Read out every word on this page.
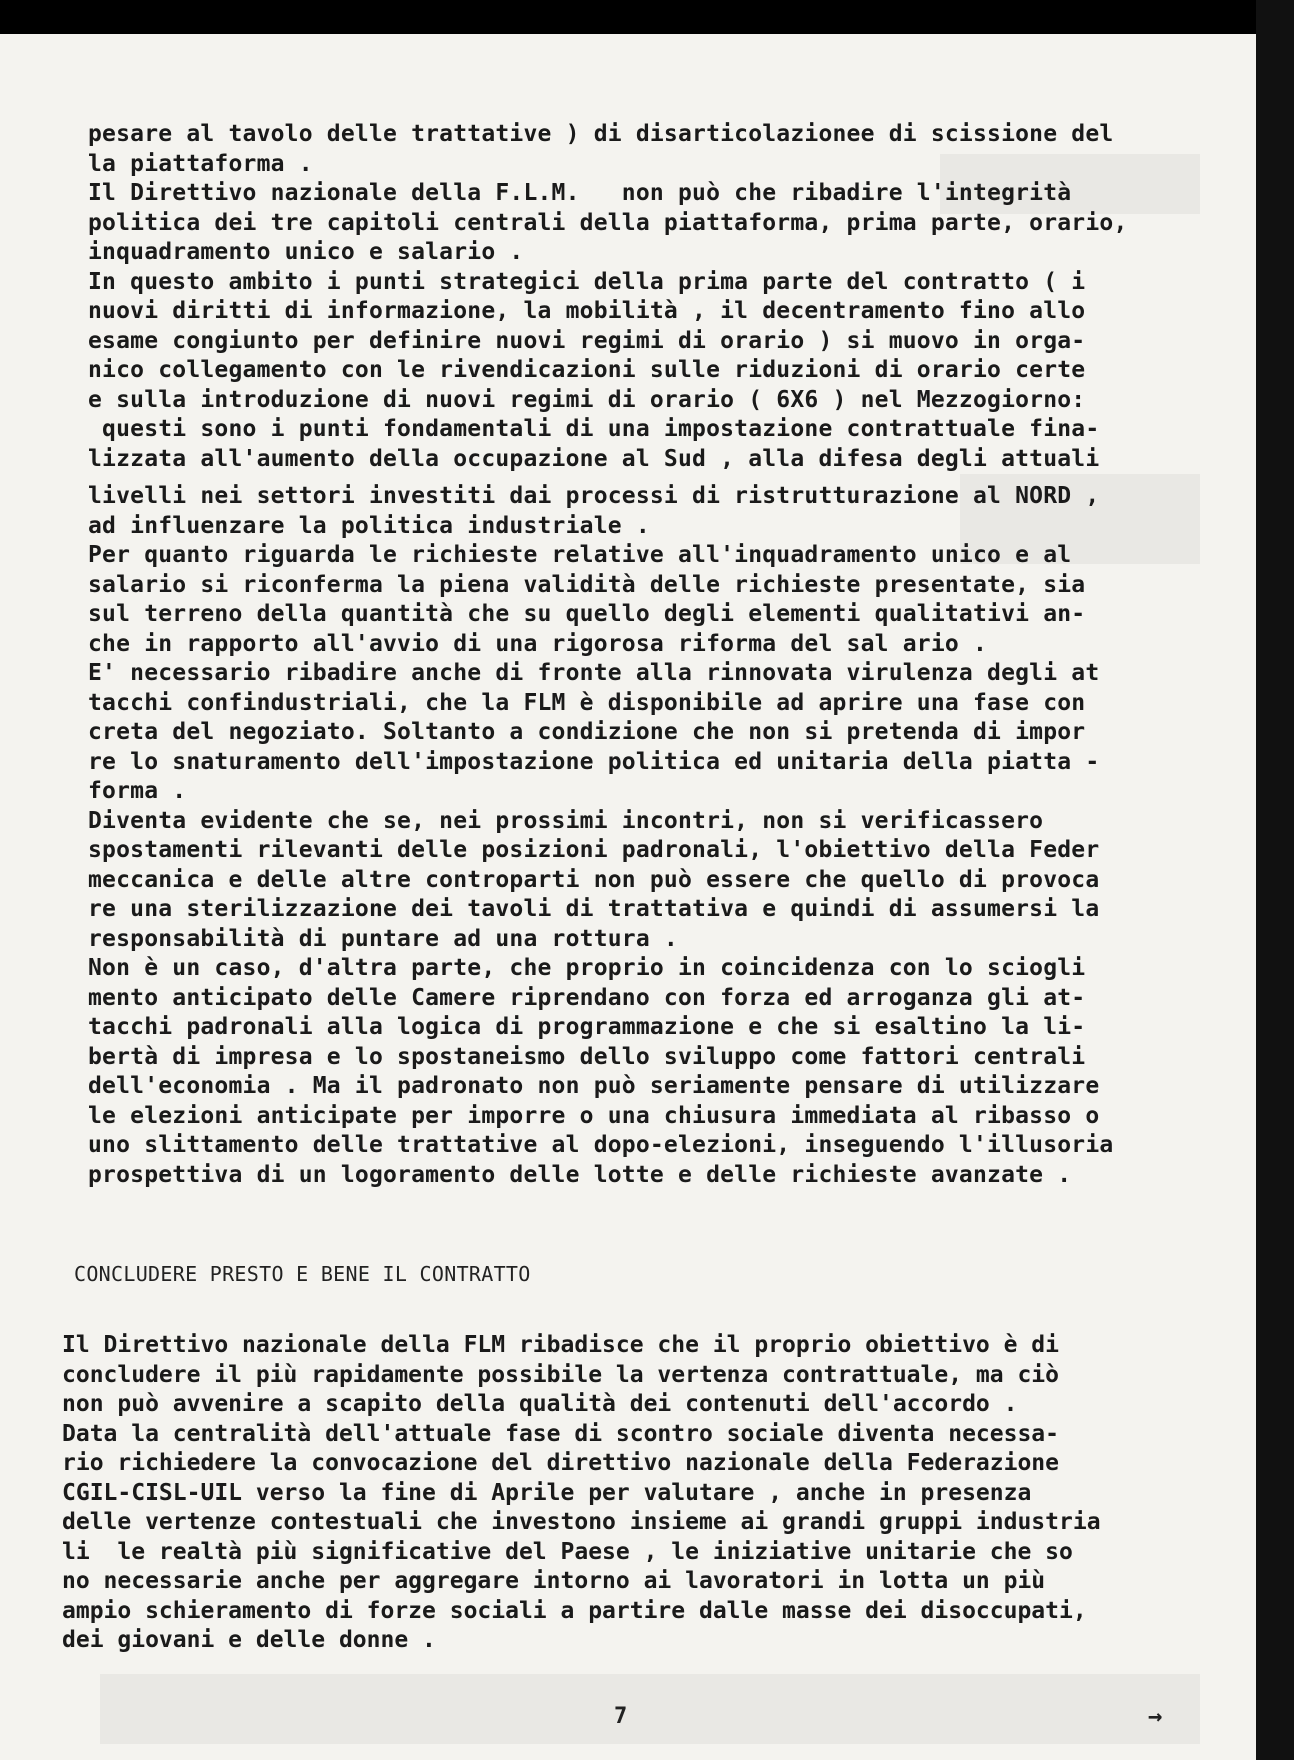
pesare al tavolo delle trattative ) di disarticolazionee di scissione del
la piattaforma .
Il Direttivo nazionale della F.L.M.   non può che ribadire l'integrità
politica dei tre capitoli centrali della piattaforma, prima parte, orario,
inquadramento unico e salario .
In questo ambito i punti strategici della prima parte del contratto ( i
nuovi diritti di informazione, la mobilità , il decentramento fino allo
esame congiunto per definire nuovi regimi di orario ) si muovo in orga-
nico collegamento con le rivendicazioni sulle riduzioni di orario certe
e sulla introduzione di nuovi regimi di orario ( 6X6 ) nel Mezzogiorno:
questi sono i punti fondamentali di una impostazione contrattuale fina-
lizzata all'aumento della occupazione al Sud , alla difesa degli attuali
livelli nei settori investiti dai processi di ristrutturazione al NORD ,
ad influenzare la politica industriale .
Per quanto riguarda le richieste relative all'inquadramento unico e al
salario si riconferma la piena validità delle richieste presentate, sia
sul terreno della quantità che su quello degli elementi qualitativi an-
che in rapporto all'avvio di una rigorosa riforma del sal ario .
E' necessario ribadire anche di fronte alla rinnovata virulenza degli at
tacchi confindustriali, che la FLM è disponibile ad aprire una fase con
creta del negoziato. Soltanto a condizione che non si pretenda di impor
re lo snaturamento dell'impostazione politica ed unitaria della piatta -
forma .
Diventa evidente che se, nei prossimi incontri, non si verificassero
spostamenti rilevanti delle posizioni padronali, l'obiettivo della Feder
meccanica e delle altre controparti non può essere che quello di provoca
re una sterilizzazione dei tavoli di trattativa e quindi di assumersi la
responsabilità di puntare ad una rottura .
Non è un caso, d'altra parte, che proprio in coincidenza con lo sciogli
mento anticipato delle Camere riprendano con forza ed arroganza gli at-
tacchi padronali alla logica di programmazione e che si esaltino la li-
bertà di impresa e lo spostaneismo dello sviluppo come fattori centrali
dell'economia . Ma il padronato non può seriamente pensare di utilizzare
le elezioni anticipate per imporre o una chiusura immediata al ribasso o
uno slittamento delle trattative al dopo-elezioni, inseguendo l'illusoria
prospettiva di un logoramento delle lotte e delle richieste avanzate .
CONCLUDERE PRESTO E BENE IL CONTRATTO
Il Direttivo nazionale della FLM ribadisce che il proprio obiettivo è di
concludere il più rapidamente possibile la vertenza contrattuale, ma ciò
non può avvenire a scapito della qualità dei contenuti dell'accordo .
Data la centralità dell'attuale fase di scontro sociale diventa necessa-
rio richiedere la convocazione del direttivo nazionale della Federazione
CGIL-CISL-UIL verso la fine di Aprile per valutare , anche in presenza
delle vertenze contestuali che investono insieme ai grandi gruppi industria
li  le realtà più significative del Paese , le iniziative unitarie che so
no necessarie anche per aggregare intorno ai lavoratori in lotta un più
ampio schieramento di forze sociali a partire dalle masse dei disoccupati,
dei giovani e delle donne .
7	→
